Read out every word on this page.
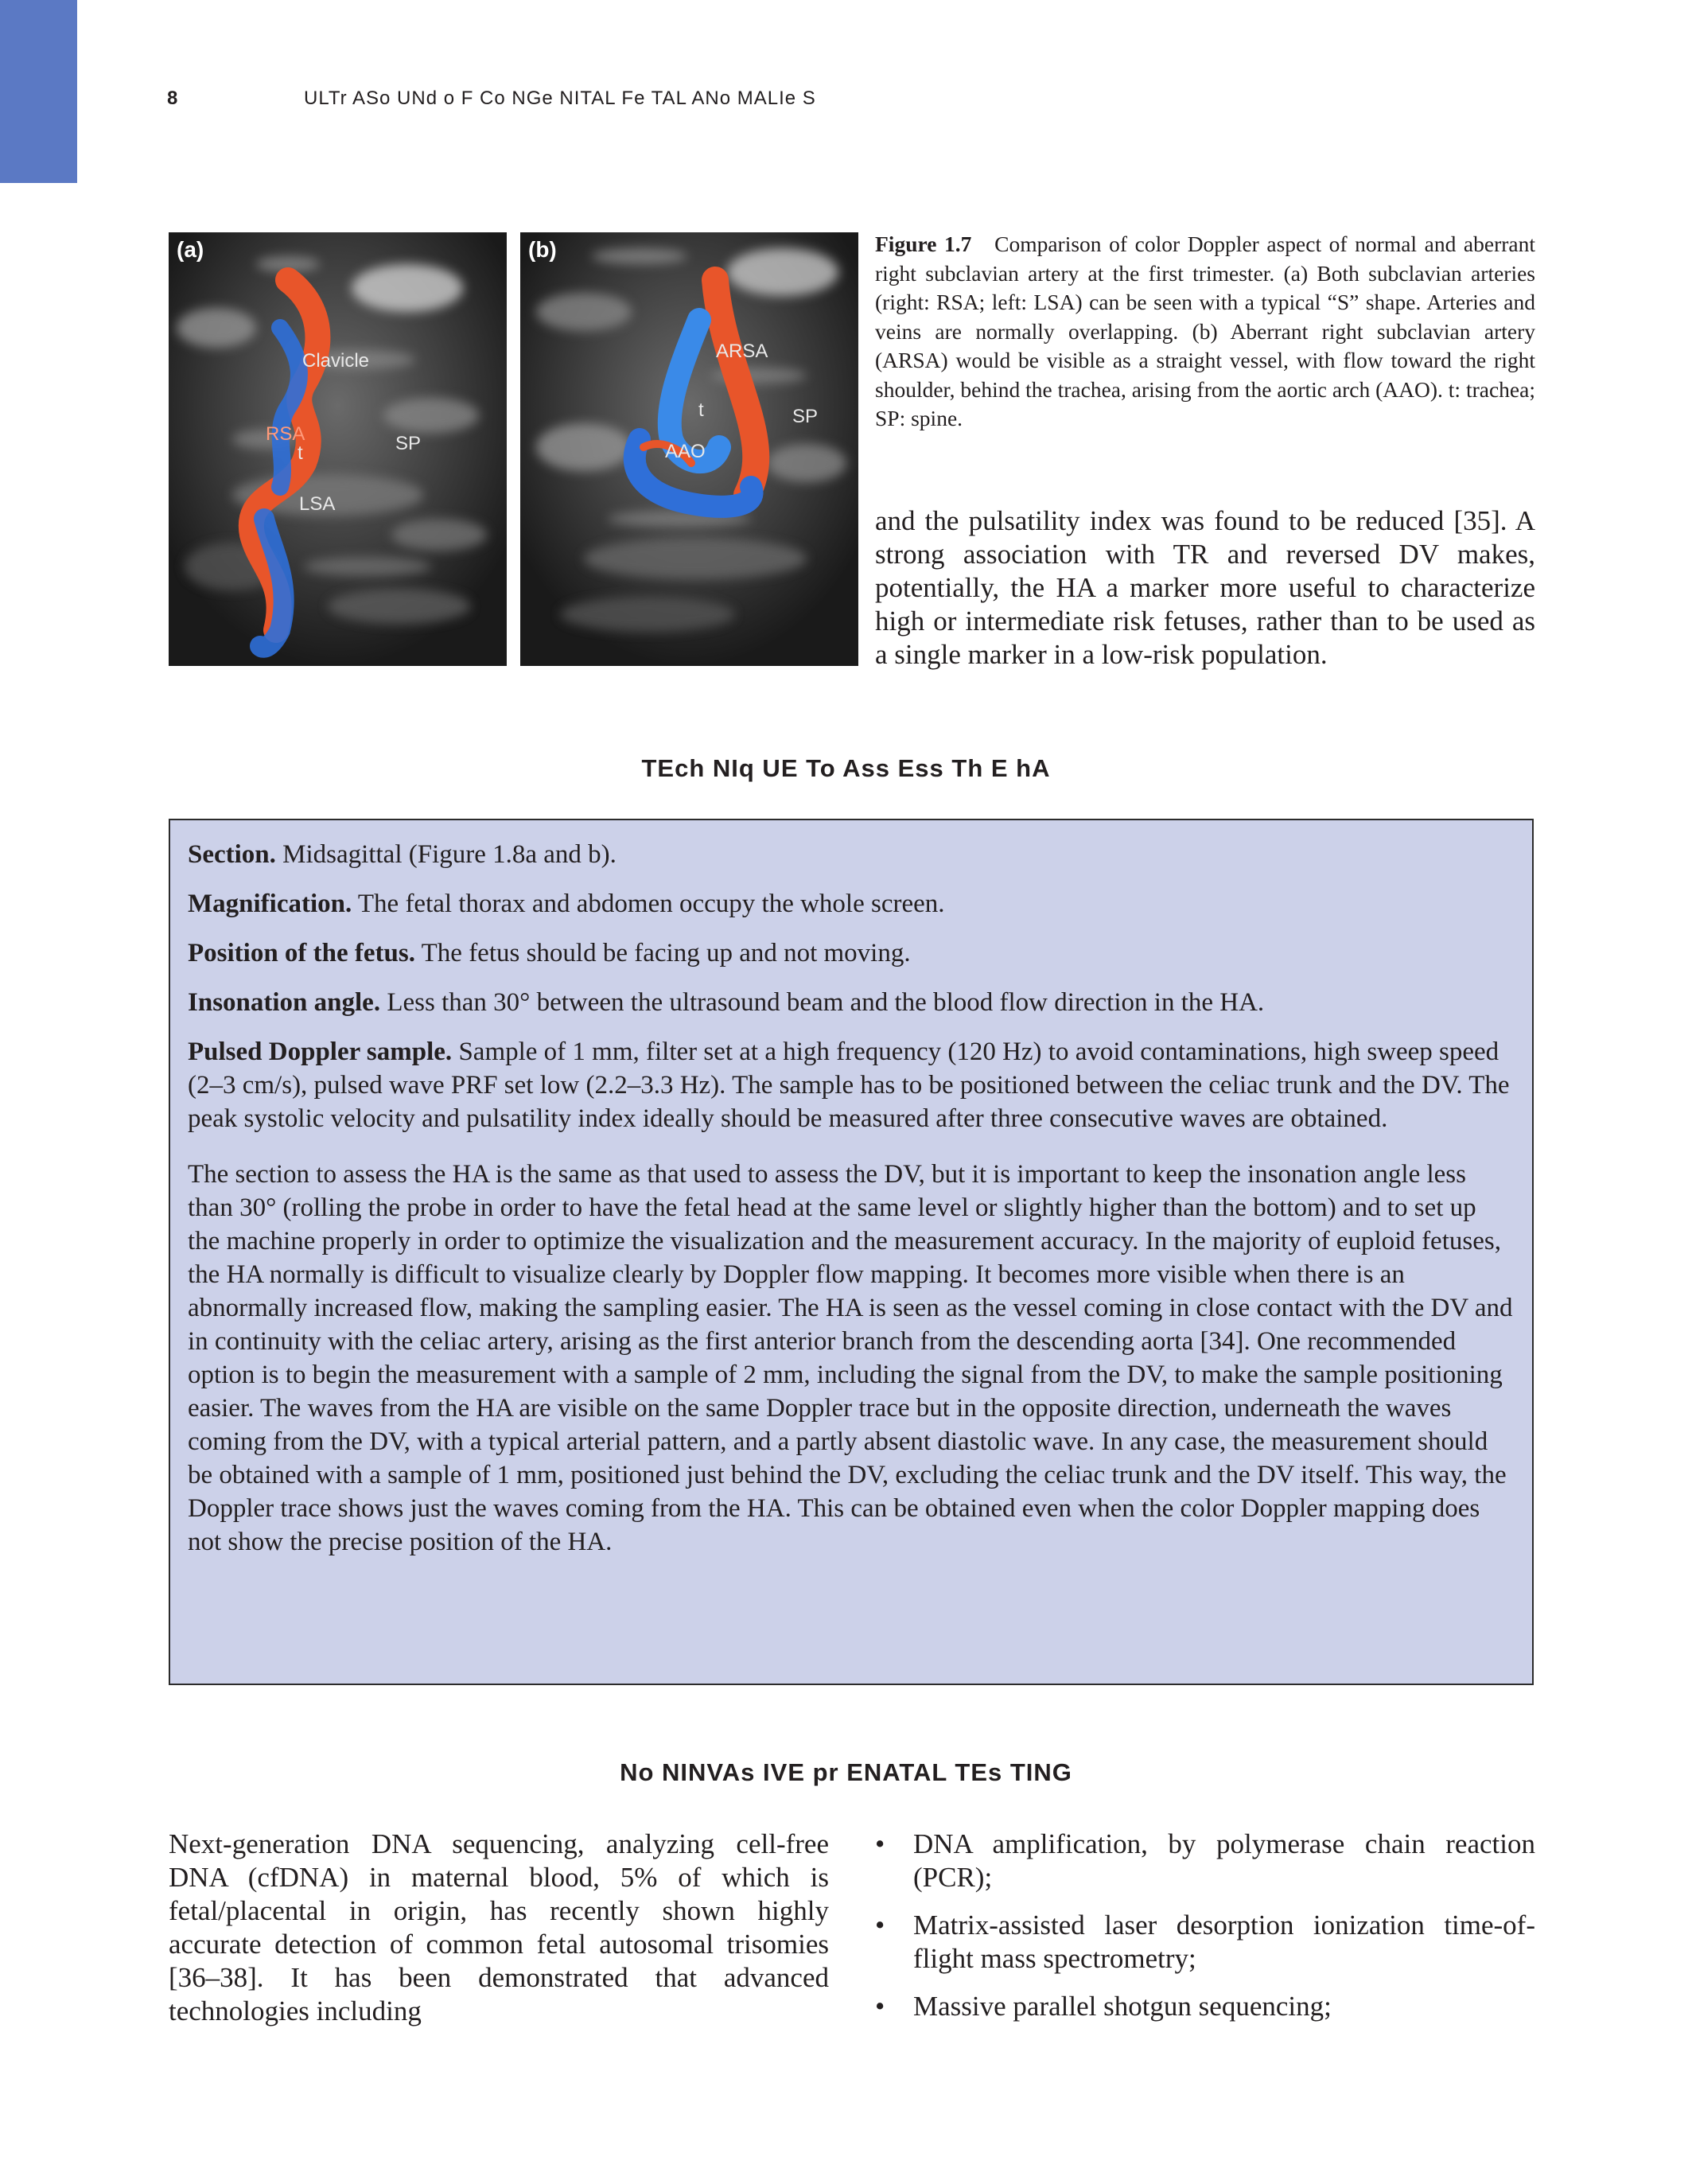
8	ULTr ASo UNd o F Co NGe NITAL Fe TAL ANo MALIe S
(a)
Clavicle
RSA
t	SP
LSA
(b)
ARSA
t	SP
AAO
Figure 1.7 Comparison of color Doppler aspect of normal and aberrant right subclavian artery at the first trimester. (a) Both subclavian arteries (right: RSA; left: LSA) can be seen with a typical “S” shape. Arteries and veins are normally overlapping. (b) Aberrant right subclavian artery (ARSA) would be visible as a straight vessel, with flow toward the right shoulder, behind the trachea, arising from the aortic arch (AAO). t: trachea; SP: spine.
and the pulsatility index was found to be reduced [35]. A strong association with TR and reversed DV makes, potentially, the HA a marker more useful to characterize high or intermediate risk fetuses, rather than to be used as a single marker in a low-risk population.
TEch NIq UE To Ass Ess Th E hA

Section. Midsagittal (Figure 1.8a and b).

Magnification. The fetal thorax and abdomen occupy the whole screen.

Position of the fetus. The fetus should be facing up and not moving.

Insonation angle. Less than 30° between the ultrasound beam and the blood flow direction in the HA.

Pulsed Doppler sample. Sample of 1 mm, filter set at a high frequency (120 Hz) to avoid contaminations, high sweep speed (2–3 cm/s), pulsed wave PRF set low (2.2–3.3 Hz). The sample has to be positioned between the celiac trunk and the DV. The peak systolic velocity and pulsatility index ideally should be measured after three consecutive waves are obtained.

The section to assess the HA is the same as that used to assess the DV, but it is important to keep the insonation angle less than 30° (rolling the probe in order to have the fetal head at the same level or slightly higher than the bottom) and to set up the machine properly in order to optimize the visualization and the measurement accuracy. In the majority of euploid fetuses, the HA normally is difficult to visualize clearly by Doppler flow mapping. It becomes more visible when there is an abnormally increased flow, making the sampling easier. The HA is seen as the vessel coming in close contact with the DV and in continuity with the celiac artery, arising as the first anterior branch from the descending aorta [34]. One recommended option is to begin the measurement with a sample of 2 mm, including the signal from the DV, to make the sample positioning easier. The waves from the HA are visible on the same Doppler trace but in the opposite direction, underneath the waves coming from the DV, with a typical arterial pattern, and a partly absent diastolic wave. In any case, the measurement should be obtained with a sample of 1 mm, positioned just behind the DV, excluding the celiac trunk and the DV itself. This way, the Doppler trace shows just the waves coming from the HA. This can be obtained even when the color Doppler mapping does not show the precise position of the HA.

No NINVAs IVE pr ENATAL TEs TING
Next-generation DNA sequencing, analyzing cell-free DNA (cfDNA) in maternal blood, 5% of which is fetal/placental in origin, has recently shown highly accurate detection of common fetal autosomal trisomies [36–38]. It has been demonstrated that advanced technologies including
• DNA amplification, by polymerase chain reaction (PCR);
• Matrix-assisted laser desorption ionization time-of-flight mass spectrometry;
• Massive parallel shotgun sequencing;
